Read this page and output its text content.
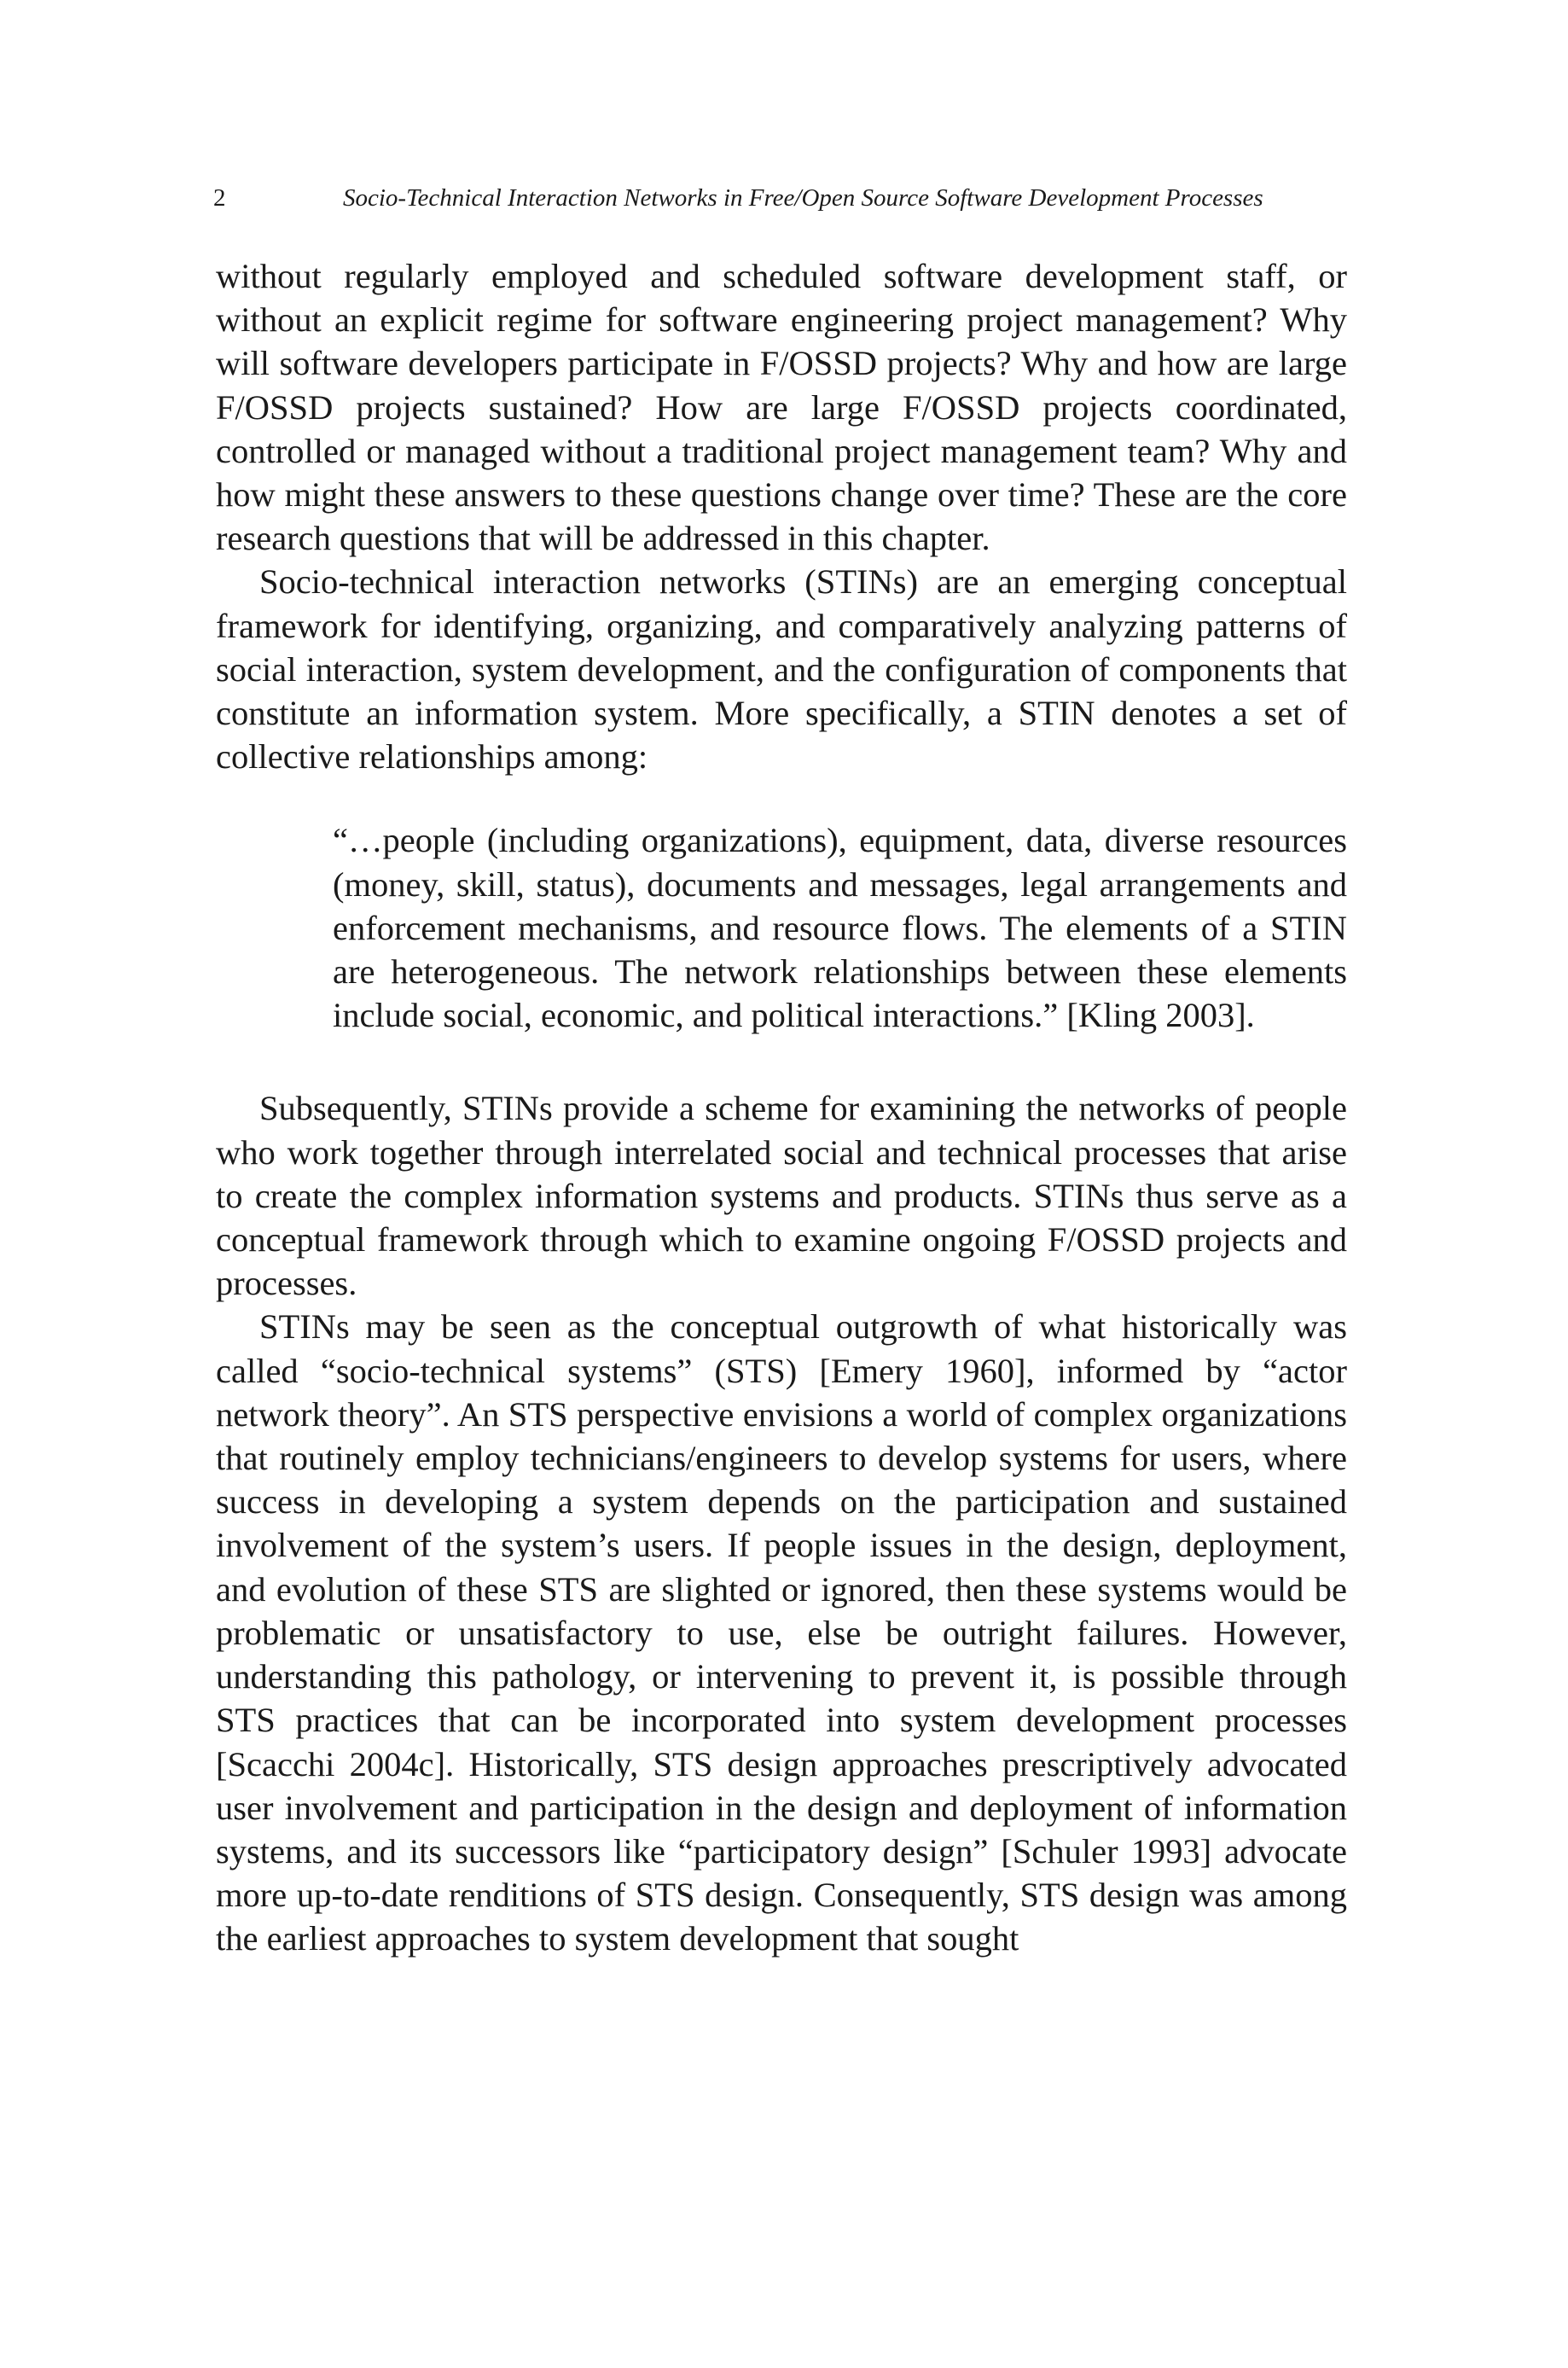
2	Socio-Technical Interaction Networks in Free/Open Source Software Development Processes

without regularly employed and scheduled software development staff, or without an explicit regime for software engineering project management? Why will software developers participate in F/OSSD projects? Why and how are large F/OSSD projects sustained? How are large F/OSSD projects coordinated, controlled or managed without a traditional project management team? Why and how might these answers to these questions change over time? These are the core research questions that will be addressed in this chapter.

Socio-technical interaction networks (STINs) are an emerging conceptual framework for identifying, organizing, and comparatively analyzing patterns of social interaction, system development, and the configuration of components that constitute an information system. More specifically, a STIN denotes a set of collective relationships among:

“…people (including organizations), equipment, data, diverse resources (money, skill, status), documents and messages, legal arrangements and enforcement mechanisms, and resource flows. The elements of a STIN are heterogeneous. The network relationships between these elements include social, economic, and political interactions.” [Kling 2003].

Subsequently, STINs provide a scheme for examining the networks of people who work together through interrelated social and technical processes that arise to create the complex information systems and products. STINs thus serve as a conceptual framework through which to examine ongoing F/OSSD projects and processes.

STINs may be seen as the conceptual outgrowth of what historically was called “socio-technical systems” (STS) [Emery 1960], informed by “actor network theory”. An STS perspective envisions a world of complex organizations that routinely employ technicians/engineers to develop systems for users, where success in developing a system depends on the participation and sustained involvement of the system’s users. If people issues in the design, deployment, and evolution of these STS are slighted or ignored, then these systems would be problematic or unsatisfactory to use, else be outright failures. However, understanding this pathology, or intervening to prevent it, is possible through STS practices that can be incorporated into system development processes [Scacchi 2004c]. Historically, STS design approaches prescriptively advocated user involvement and participation in the design and deployment of information systems, and its successors like “participatory design” [Schuler 1993] advocate more up-to-date renditions of STS design. Consequently, STS design was among the earliest approaches to system development that sought
